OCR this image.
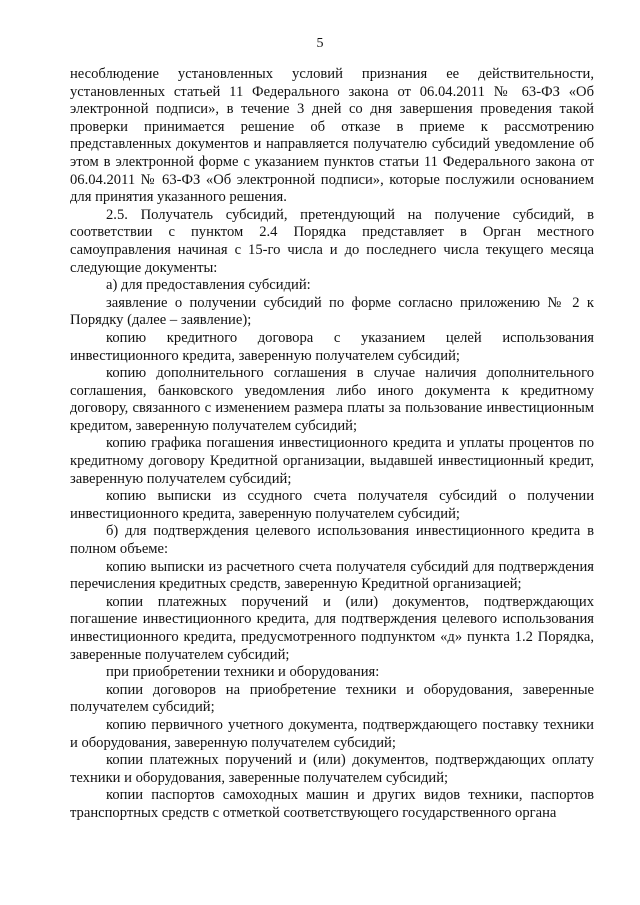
5

несоблюдение установленных условий признания ее действительности, установленных статьей 11 Федерального закона от 06.04.2011 № 63-ФЗ «Об электронной подписи», в течение 3 дней со дня завершения проведения такой проверки принимается решение об отказе в приеме к рассмотрению представленных документов и направляется получателю субсидий уведомление об этом в электронной форме с указанием пунктов статьи 11 Федерального закона от 06.04.2011 № 63-ФЗ «Об электронной подписи», которые послужили основанием для принятия указанного решения.

2.5. Получатель субсидий, претендующий на получение субсидий, в соответствии с пунктом 2.4 Порядка представляет в Орган местного самоуправления начиная с 15-го числа и до последнего числа текущего месяца следующие документы:

а) для предоставления субсидий:

заявление о получении субсидий по форме согласно приложению № 2 к Порядку (далее – заявление);

копию кредитного договора с указанием целей использования инвестиционного кредита, заверенную получателем субсидий;

копию дополнительного соглашения в случае наличия дополнительного соглашения, банковского уведомления либо иного документа к кредитному договору, связанного с изменением размера платы за пользование инвестиционным кредитом, заверенную получателем субсидий;

копию графика погашения инвестиционного кредита и уплаты процентов по кредитному договору Кредитной организации, выдавшей инвестиционный кредит, заверенную получателем субсидий;

копию выписки из ссудного счета получателя субсидий о получении инвестиционного кредита, заверенную получателем субсидий;

б) для подтверждения целевого использования инвестиционного кредита в полном объеме:

копию выписки из расчетного счета получателя субсидий для подтверждения перечисления кредитных средств, заверенную Кредитной организацией;

копии платежных поручений и (или) документов, подтверждающих погашение инвестиционного кредита, для подтверждения целевого использования инвестиционного кредита, предусмотренного подпунктом «д» пункта 1.2 Порядка, заверенные получателем субсидий;

при приобретении техники и оборудования:

копии договоров на приобретение техники и оборудования, заверенные получателем субсидий;

копию первичного учетного документа, подтверждающего поставку техники и оборудования, заверенную получателем субсидий;

копии платежных поручений и (или) документов, подтверждающих оплату техники и оборудования, заверенные получателем субсидий;

копии паспортов самоходных машин и других видов техники, паспортов транспортных средств с отметкой соответствующего государственного органа
